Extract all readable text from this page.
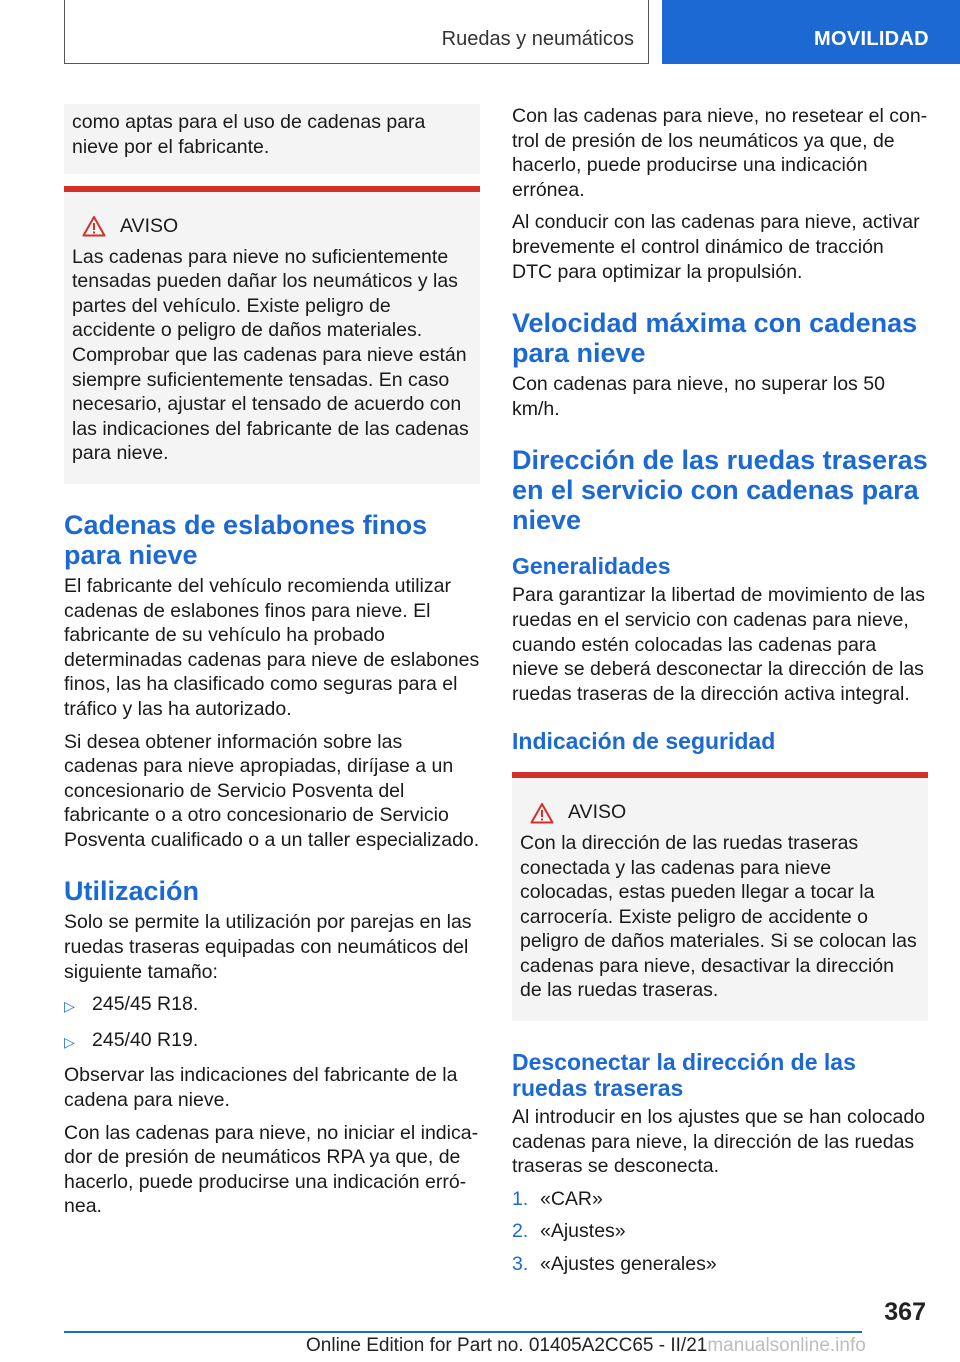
Ruedas y neumáticos	MOVILIDAD
como aptas para el uso de cadenas para nieve por el fabricante.
AVISO
Las cadenas para nieve no suficientemente tensadas pueden dañar los neumáticos y las partes del vehículo. Existe peligro de accidente o peligro de daños materiales. Comprobar que las cadenas para nieve están siempre suficientemente tensadas. En caso necesario, ajustar el tensado de acuerdo con las indicaciones del fabricante de las cadenas para nieve.
Cadenas de eslabones finos para nieve

El fabricante del vehículo recomienda utilizar cadenas de eslabones finos para nieve. El fabricante de su vehículo ha probado determinadas cadenas para nieve de eslabones finos, las ha clasificado como seguras para el tráfico y las ha autorizado.

Si desea obtener información sobre las cadenas para nieve apropiadas, diríjase a un concesionario de Servicio Posventa del fabricante o a otro concesionario de Servicio Posventa cualificado o a un taller especializado.

Utilización

Solo se permite la utilización por parejas en las ruedas traseras equipadas con neumáticos del siguiente tamaño:

▷ 245/45 R18.
▷ 245/40 R19.

Observar las indicaciones del fabricante de la cadena para nieve.

Con las cadenas para nieve, no iniciar el indicador de presión de neumáticos RPA ya que, de hacerlo, puede producirse una indicación errónea.

Con las cadenas para nieve, no resetear el control de presión de los neumáticos ya que, de hacerlo, puede producirse una indicación errónea.

Al conducir con las cadenas para nieve, activar brevemente el control dinámico de tracción DTC para optimizar la propulsión.

Velocidad máxima con cadenas para nieve

Con cadenas para nieve, no superar los 50 km/h.

Dirección de las ruedas traseras en el servicio con cadenas para nieve
Generalidades

Para garantizar la libertad de movimiento de las ruedas en el servicio con cadenas para nieve, cuando estén colocadas las cadenas para nieve se deberá desconectar la dirección de las ruedas traseras de la dirección activa integral.

Indicación de seguridad
AVISO
Con la dirección de las ruedas traseras conectada y las cadenas para nieve colocadas, estas pueden llegar a tocar la carrocería. Existe peligro de accidente o peligro de daños materiales. Si se colocan las cadenas para nieve, desactivar la dirección de las ruedas traseras.
Desconectar la dirección de las ruedas traseras

Al introducir en los ajustes que se han colocado cadenas para nieve, la dirección de las ruedas traseras se desconecta.

1. «CAR»
2. «Ajustes»
3. «Ajustes generales»
367
Online Edition for Part no. 01405A2CC65 - II/21manualsonline.info
